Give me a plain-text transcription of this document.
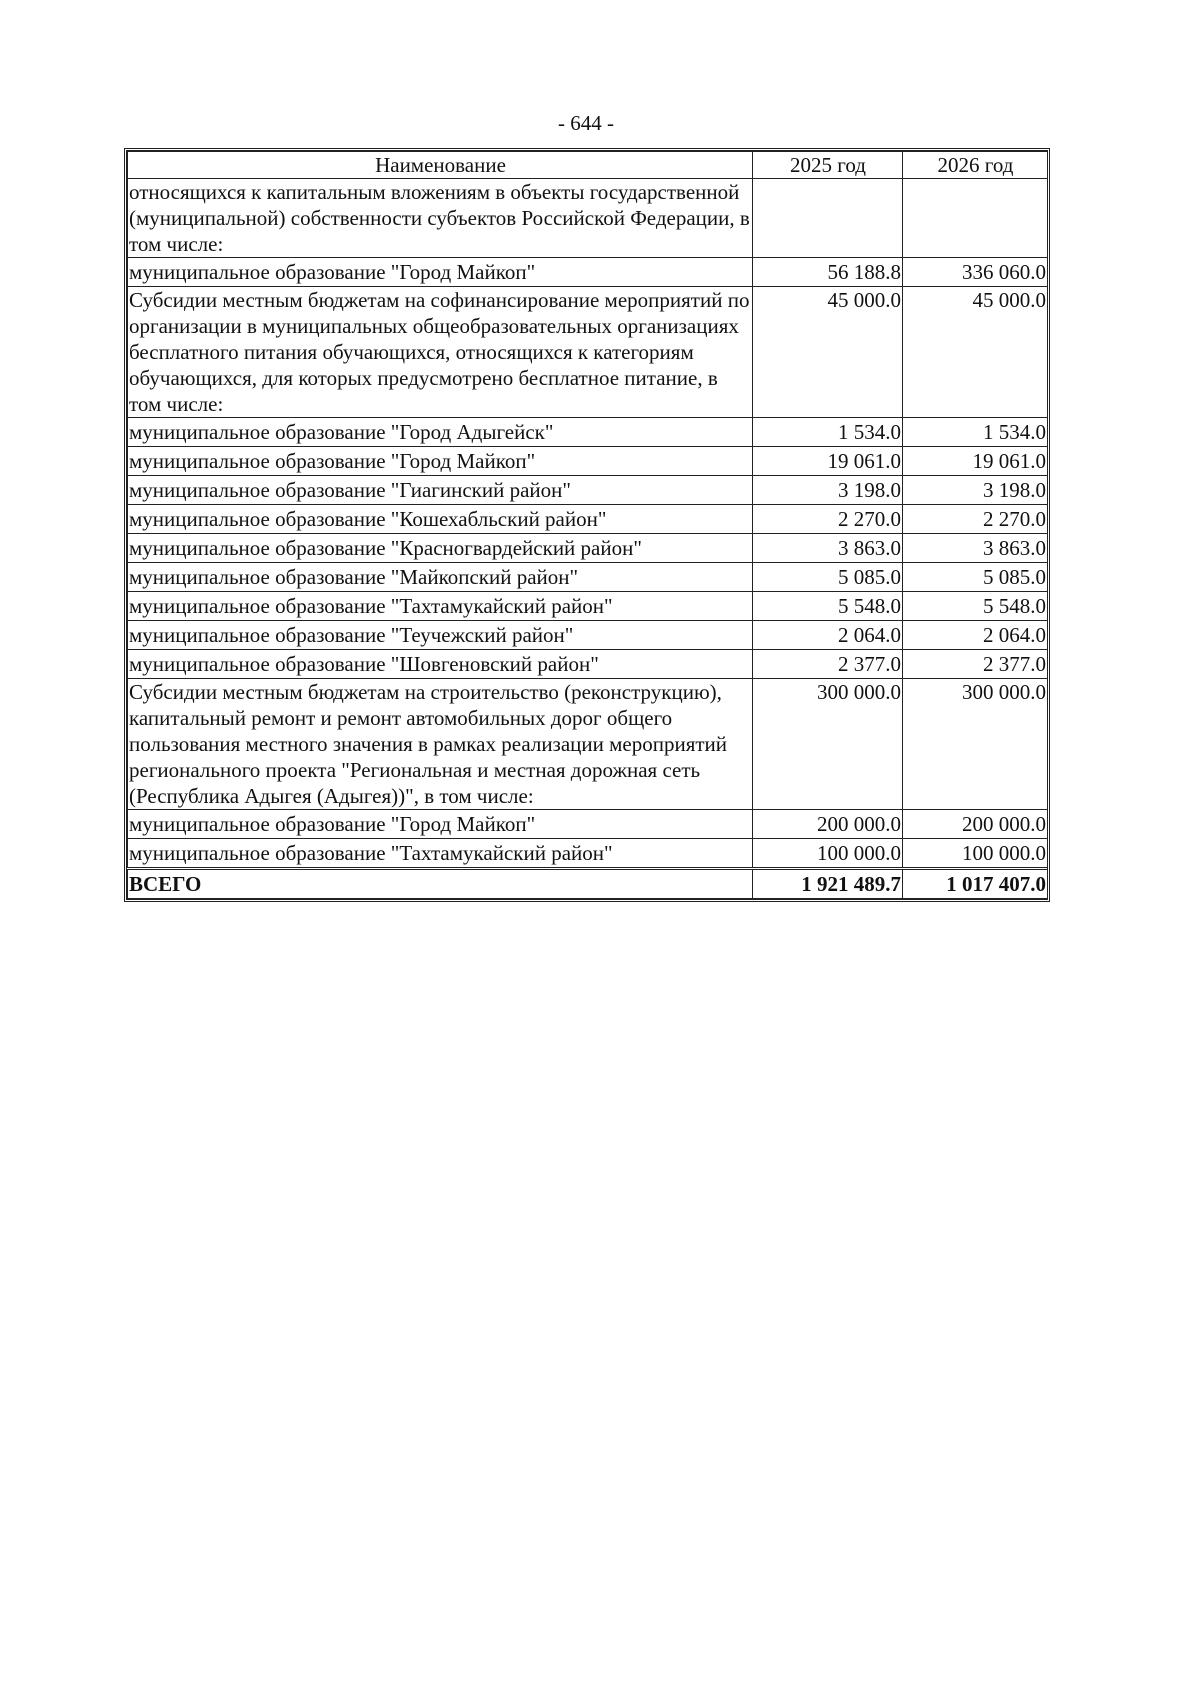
- 644 -
Наименование	2025 год	2026 год
относящихся к капитальным вложениям в объекты государственной (муниципальной) собственности субъектов Российской Федерации, в том числе:		
муниципальное образование "Город Майкоп"	56 188.8	336 060.0
Субсидии местным бюджетам на софинансирование мероприятий по организации в муниципальных общеобразовательных организациях бесплатного питания обучающихся, относящихся к категориям обучающихся, для которых предусмотрено бесплатное питание, в том числе:	45 000.0	45 000.0
муниципальное образование "Город Адыгейск"	1 534.0	1 534.0
муниципальное образование "Город Майкоп"	19 061.0	19 061.0
муниципальное образование "Гиагинский район"	3 198.0	3 198.0
муниципальное образование "Кошехабльский район"	2 270.0	2 270.0
муниципальное образование "Красногвардейский район"	3 863.0	3 863.0
муниципальное образование "Майкопский район"	5 085.0	5 085.0
муниципальное образование "Тахтамукайский район"	5 548.0	5 548.0
муниципальное образование "Теучежский район"	2 064.0	2 064.0
муниципальное образование "Шовгеновский район"	2 377.0	2 377.0
Субсидии местным бюджетам на строительство (реконструкцию), капитальный ремонт и ремонт автомобильных дорог общего пользования местного значения в рамках реализации мероприятий регионального проекта "Региональная и местная дорожная сеть (Республика Адыгея (Адыгея))", в том числе:	300 000.0	300 000.0
муниципальное образование "Город Майкоп"	200 000.0	200 000.0
муниципальное образование "Тахтамукайский район"	100 000.0	100 000.0
ВСЕГО	1 921 489.7	1 017 407.0
